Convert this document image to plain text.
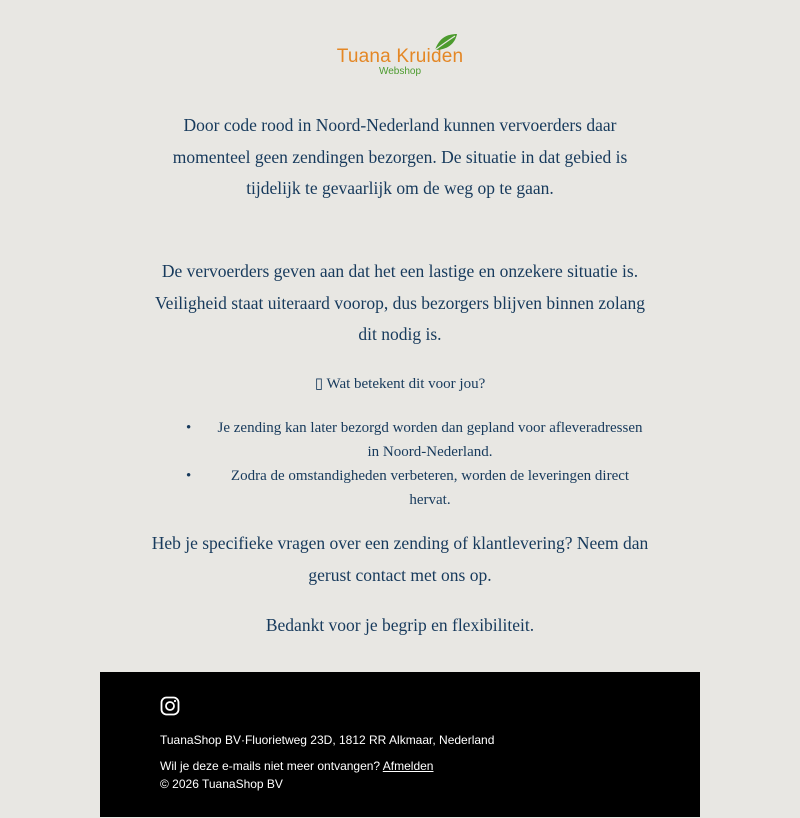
Tuana Kruiden
Webshop

Door code rood in Noord-Nederland kunnen vervoerders daar momenteel geen zendingen bezorgen. De situatie in dat gebied is tijdelijk te gevaarlijk om de weg op te gaan.

De vervoerders geven aan dat het een lastige en onzekere situatie is. Veiligheid staat uiteraard voorop, dus bezorgers blijven binnen zolang dit nodig is.

▯ Wat betekent dit voor jou?

• Je zending kan later bezorgd worden dan gepland voor afleveradressen in Noord-Nederland.
•	Zodra de omstandigheden verbeteren, worden de leveringen direct hervat.

Heb je specifieke vragen over een zending of klantlevering? Neem dan gerust contact met ons op.

Bedankt voor je begrip en flexibiliteit.

TuanaShop BV·Fluorietweg 23D, 1812 RR Alkmaar, Nederland
Wil je deze e-mails niet meer ontvangen? Afmelden
© 2026 TuanaShop BV
